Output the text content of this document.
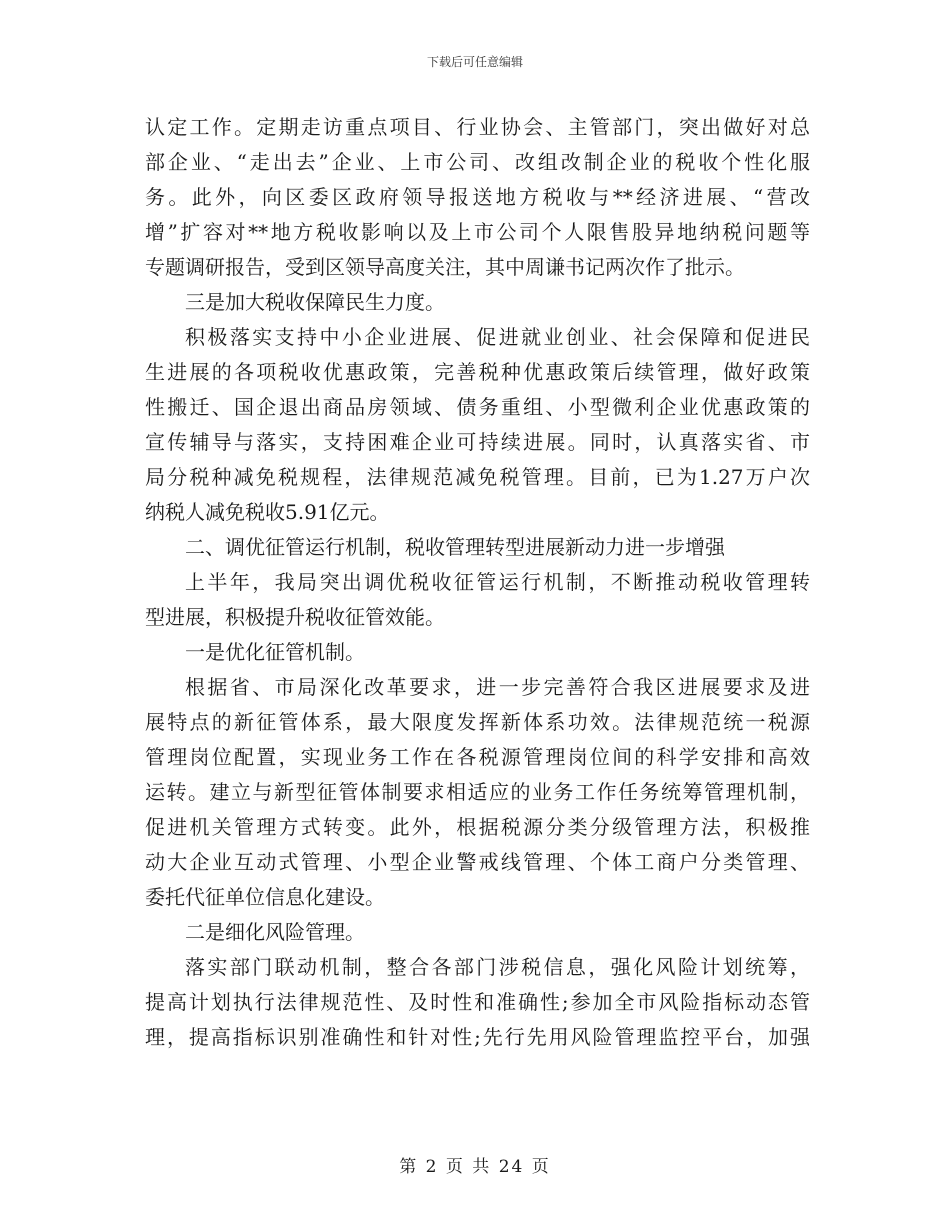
下载后可任意编辑
认定工作。定期走访重点项目、行业协会、主管部门，突出做好对总
部企业、“走出去”企业、上市公司、改组改制企业的税收个性化服
务。此外，向区委区政府领导报送地方税收与**经济进展、“营改
增”扩容对**地方税收影响以及上市公司个人限售股异地纳税问题等
专题调研报告，受到区领导高度关注，其中周谦书记两次作了批示。
三是加大税收保障民生力度。
积极落实支持中小企业进展、促进就业创业、社会保障和促进民
生进展的各项税收优惠政策，完善税种优惠政策后续管理，做好政策
性搬迁、国企退出商品房领域、债务重组、小型微利企业优惠政策的
宣传辅导与落实，支持困难企业可持续进展。同时，认真落实省、市
局分税种减免税规程，法律规范减免税管理。目前，已为1.27万户次
纳税人减免税收5.91亿元。
二、调优征管运行机制，税收管理转型进展新动力进一步增强
上半年，我局突出调优税收征管运行机制，不断推动税收管理转
型进展，积极提升税收征管效能。
一是优化征管机制。
根据省、市局深化改革要求，进一步完善符合我区进展要求及进
展特点的新征管体系，最大限度发挥新体系功效。法律规范统一税源
管理岗位配置，实现业务工作在各税源管理岗位间的科学安排和高效
运转。建立与新型征管体制要求相适应的业务工作任务统筹管理机制，
促进机关管理方式转变。此外，根据税源分类分级管理方法，积极推
动大企业互动式管理、小型企业警戒线管理、个体工商户分类管理、
委托代征单位信息化建设。
二是细化风险管理。
落实部门联动机制，整合各部门涉税信息，强化风险计划统筹，
提高计划执行法律规范性、及时性和准确性;参加全市风险指标动态管
理，提高指标识别准确性和针对性;先行先用风险管理监控平台，加强
第 2 页 共 24 页
